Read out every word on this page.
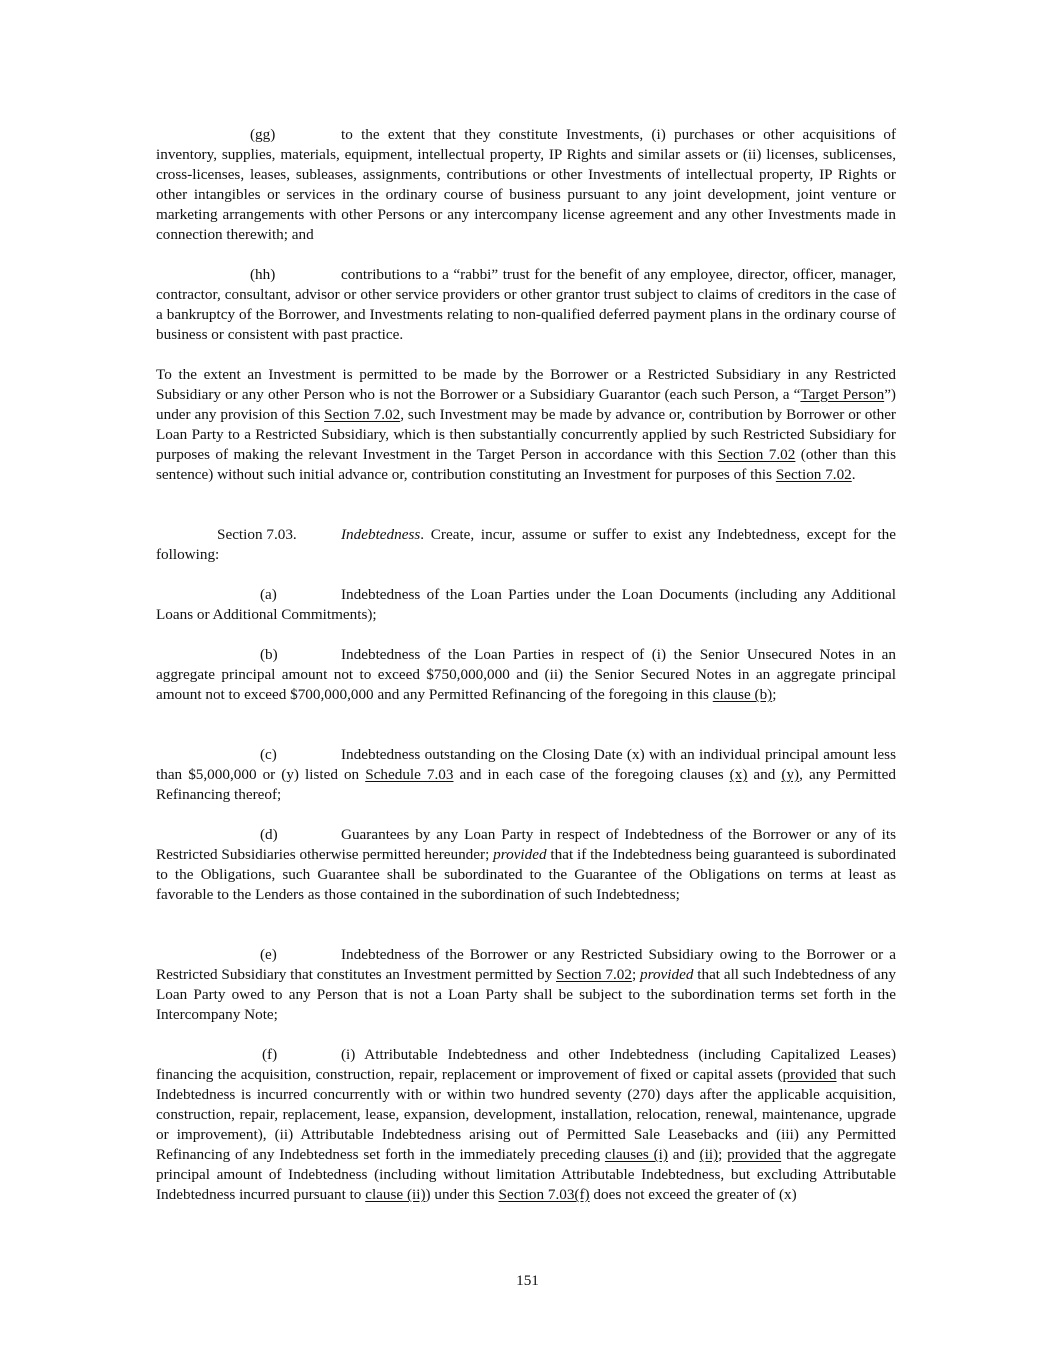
(gg)	to the extent that they constitute Investments, (i) purchases or other acquisitions of inventory, supplies, materials, equipment, intellectual property, IP Rights and similar assets or (ii) licenses, sublicenses, cross-licenses, leases, subleases, assignments, contributions or other Investments of intellectual property, IP Rights or other intangibles or services in the ordinary course of business pursuant to any joint development, joint venture or marketing arrangements with other Persons or any intercompany license agreement and any other Investments made in connection therewith; and

(hh)	contributions to a “rabbi” trust for the benefit of any employee, director, officer, manager, contractor, consultant, advisor or other service providers or other grantor trust subject to claims of creditors in the case of a bankruptcy of the Borrower, and Investments relating to non-qualified deferred payment plans in the ordinary course of business or consistent with past practice.

To the extent an Investment is permitted to be made by the Borrower or a Restricted Subsidiary in any Restricted Subsidiary or any other Person who is not the Borrower or a Subsidiary Guarantor (each such Person, a “Target Person”) under any provision of this Section 7.02, such Investment may be made by advance or, contribution by Borrower or other Loan Party to a Restricted Subsidiary, which is then substantially concurrently applied by such Restricted Subsidiary for purposes of making the relevant Investment in the Target Person in accordance with this Section 7.02 (other than this sentence) without such initial advance or, contribution constituting an Investment for purposes of this Section 7.02.

Section 7.03.	Indebtedness. Create, incur, assume or suffer to exist any Indebtedness, except for the following:

(a)	Indebtedness of the Loan Parties under the Loan Documents (including any Additional Loans or Additional Commitments);

(b)	Indebtedness of the Loan Parties in respect of (i) the Senior Unsecured Notes in an aggregate principal amount not to exceed $750,000,000 and (ii) the Senior Secured Notes in an aggregate principal amount not to exceed $700,000,000 and any Permitted Refinancing of the foregoing in this clause (b);

(c)	Indebtedness outstanding on the Closing Date (x) with an individual principal amount less than $5,000,000 or (y) listed on Schedule 7.03 and in each case of the foregoing clauses (x) and (y), any Permitted Refinancing thereof;

(d)	Guarantees by any Loan Party in respect of Indebtedness of the Borrower or any of its Restricted Subsidiaries otherwise permitted hereunder; provided that if the Indebtedness being guaranteed is subordinated to the Obligations, such Guarantee shall be subordinated to the Guarantee of the Obligations on terms at least as favorable to the Lenders as those contained in the subordination of such Indebtedness;

(e)	Indebtedness of the Borrower or any Restricted Subsidiary owing to the Borrower or a Restricted Subsidiary that constitutes an Investment permitted by Section 7.02; provided that all such Indebtedness of any Loan Party owed to any Person that is not a Loan Party shall be subject to the subordination terms set forth in the Intercompany Note;

(f)	(i) Attributable Indebtedness and other Indebtedness (including Capitalized Leases) financing the acquisition, construction, repair, replacement or improvement of fixed or capital assets (provided that such Indebtedness is incurred concurrently with or within two hundred seventy (270) days after the applicable acquisition, construction, repair, replacement, lease, expansion, development, installation, relocation, renewal, maintenance, upgrade or improvement), (ii) Attributable Indebtedness arising out of Permitted Sale Leasebacks and (iii) any Permitted Refinancing of any Indebtedness set forth in the immediately preceding clauses (i) and (ii); provided that the aggregate principal amount of Indebtedness (including without limitation Attributable Indebtedness, but excluding Attributable Indebtedness incurred pursuant to clause (ii)) under this Section 7.03(f) does not exceed the greater of (x)

151
